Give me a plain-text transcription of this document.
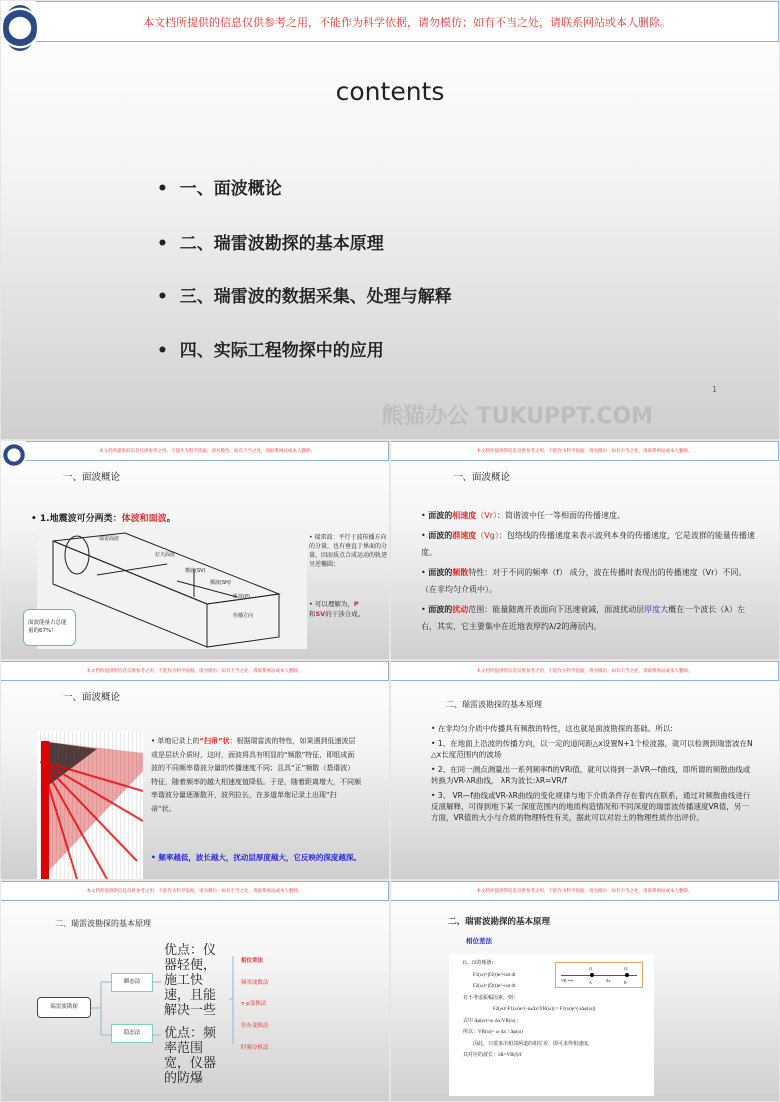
本文档所提供的信息仅供参考之用，不能作为科学依据，请勿模仿；如有不当之处，请联系网站或本人删除。
熊猫办公 TUKUPPT.COM
contents
•  一、面波概论
•  二、瑞雷波勘探的基本原理
•  三、瑞雷波的数据采集、处理与解释
•  四、实际工程物探中的应用
1
本文档所提供的信息仅供参考之用，不能作为科学依据，请勿模仿；如有不当之处，请联系网站或本人删除。
一、面波概论
• 1.地震波可分两类：体波和面波。
瑞雷面波
拉夫面波
横波(SV)
横波(SH)
纵波(P)
传播方向
面波能量占总能量的67%！
• 瑞雷波：平行于波传播方向的分量，也有垂直于界面的分量，因而质点合成运动的轨迹呈逆椭圆；
• 可以理解为，P
和SV的干涉合成。
本文档所提供的信息仅供参考之用，不能作为科学依据，请勿模仿；如有不当之处，请联系网站或本人删除。
一、面波概论
• 面波的相速度（Vr）：简谐波中任一等相面的传播速度。
• 面波的群速度（Vg）：包络线的传播速度来表示波列本身的传播速度，它是波群的能量传播速度。
• 面波的频散特性：对于不同的频率（f） 成分，波在传播时表现出的传播速度（Vr）不同。（在非均匀介质中）。
• 面波的扰动范围：能量随离开表面向下迅速衰减，面波扰动层厚度大概在一个波长（λ）左右，其实，它主要集中在近地表厚约λ/2的薄层内。
本文档所提供的信息仅供参考之用，不能作为科学依据，请勿模仿；如有不当之处，请联系网站或本人删除。
一、面波概论
• 单炮记录上的“扫帚”状：根据瑞雷波的特性，如果遇到低速波层或是层状介质时，这时，面波将具有明显的“频散”特征，即组成面波的不同频率谐波分量的传播速度不同；且具“正”频散（基谐波）特征，随着频率的越大相速度值降低。于是，随着距离增大，不同频率谐波分量逐渐散开，波列拉长，在多道单炮记录上出现“扫帚”状。
• 频率越低，波长越大，扰动层厚度越大，它反映的深度越深。
本文档所提供的信息仅供参考之用，不能作为科学依据，请勿模仿；如有不当之处，请联系网站或本人删除。
二、瑞雷波勘探的基本原理
• 在非均匀介质中传播具有频散的特性，这也就是面波勘探的基础。所以:
• 1、在地面上沿波的传播方向，以一定的道间距△x设置N+1个检波器，就可以检测到瑞雷波在N △x长度范围内的波场
• 2、在同一测点测量出一系列频率fi的VRi值，就可以得到一条VR—f曲线，即所谓的频散曲线或转换为VR-λR曲线， λR为波长:λR=VR/f
• 3、 VR—f曲线或VR-λR曲线的变化规律与地下介质条件存在着内在联系，通过对频散曲线进行反演解释，可得到地下某一深度范围内的地质构造情况和不同深度的瑞雷波传播速度VR值，另一方面，VR值的大小与介质的物理特性有关，据此可以对岩土的物理性质作出评价。
本文档所提供的信息仅供参考之用，不能作为科学依据，请勿模仿；如有不当之处，请联系网站或本人删除。
二、瑞雷波勘探的基本原理
瑞雷波勘探
瞬态法
稳态法
优点：仪器轻便，施工快速，且能解决一些
优点：频率范围宽，仪器的防爆
相位差法
频率波数法
τ-p变换法
拉东变换法
时频分析法
本文档所提供的信息仅供参考之用，不能作为科学依据，请勿模仿；如有不当之处，请联系网站或本人删除。
二、瑞雷波勘探的基本原理
相位差法
f1、f2的频谱：
F1(ω)=∫f1(t)e^-iωt dt
F2(ω)=∫f2(t)e^-iωt dt
若不考虑振幅因素，则：
F2(ω)=F1(ω)e^(-iωΔx/VR(ω)) = F1(ω)e^(-iΔφ(ω))
式中 Δφ(ω)=ω·Δx/VR(ω) ；
所以：VR(ω)= ω·Δx / Δφ(ω)
因此，只要求出相邻两道的相位差，即可求得相速度，
其对应的波长：λR=VR(f)/f
f1	f2
VR ⟶	A	Δx	B
